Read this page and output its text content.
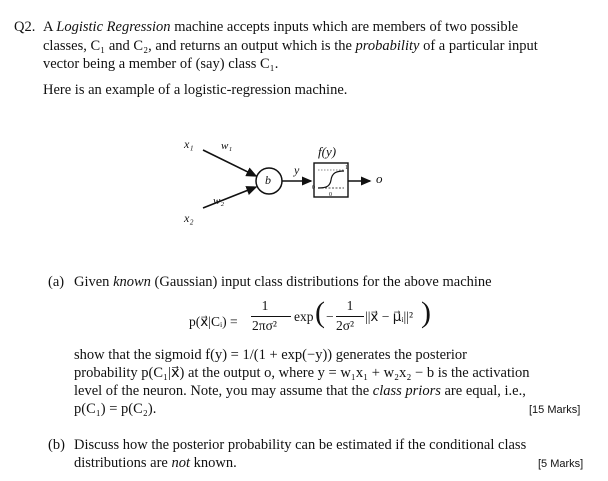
Q2. A Logistic Regression machine accepts inputs which are members of two possible
classes, C₁ and C₂, and returns an output which is the probability of a particular input
vector being a member of (say) class C₁.
Here is an example of a logistic-regression machine.
x₁	w₁
w₂
x₂
b
y
f(y)
1
0
0
o
(a) Given known (Gaussian) input class distributions for the above machine
p(x⃗|Cᵢ) =
1
2πσ²
exp ( −
1
2σ²
||x⃗ − μ⃗ᵢ||² )
show that the sigmoid f(y) = 1/(1 + exp(−y)) generates the posterior
probability p(C₁|x⃗) at the output o, where y = w₁x₁ + w₂x₂ − b is the activation
level of the neuron. Note, you may assume that the class priors are equal, i.e.,
p(C₁) = p(C₂).	[15 Marks]
(b) Discuss how the posterior probability can be estimated if the conditional class
distributions are not known.	[5 Marks]
